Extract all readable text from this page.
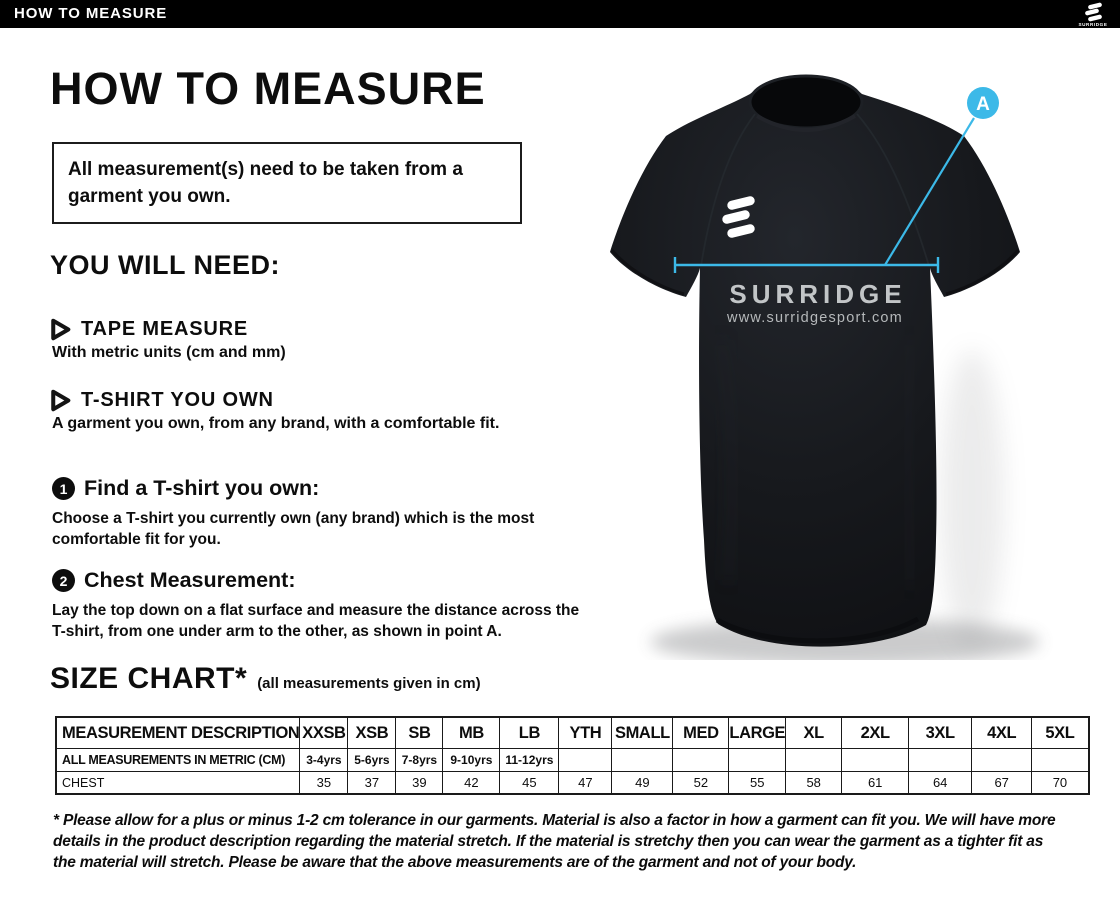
HOW TO MEASURE
SURRIDGE
HOW TO MEASURE
All measurement(s) need to be taken from a garment you own.
YOU WILL NEED:
TAPE MEASURE
With metric units (cm and mm)
T-SHIRT YOU OWN
A garment you own, from any brand, with a comfortable fit.
1 Find a T-shirt you own:
Choose a T-shirt you currently own (any brand) which is the most comfortable fit for you.
2 Chest Measurement:
Lay the top down on a flat surface and measure the distance across the T-shirt, from one under arm to the other, as shown in point A.
SIZE CHART* (all measurements given in cm)
MEASUREMENT DESCRIPTION	XXSB	XSB	SB	MB	LB	YTH	SMALL	MED	LARGE	XL	2XL	3XL	4XL	5XL
ALL MEASUREMENTS IN METRIC (CM)	3-4yrs	5-6yrs	7-8yrs	9-10yrs	11-12yrs									
CHEST	35	37	39	42	45	47	49	52	55	58	61	64	67	70
* Please allow for a plus or minus 1-2 cm tolerance in our garments. Material is also a factor in how a garment can fit you. We will have more details in the product description regarding the material stretch. If the material is stretchy then you can wear the garment as a tighter fit as the material will stretch. Please be aware that the above measurements are of the garment and not of your body.
SURRIDGE
www.surridgesport.com
A
